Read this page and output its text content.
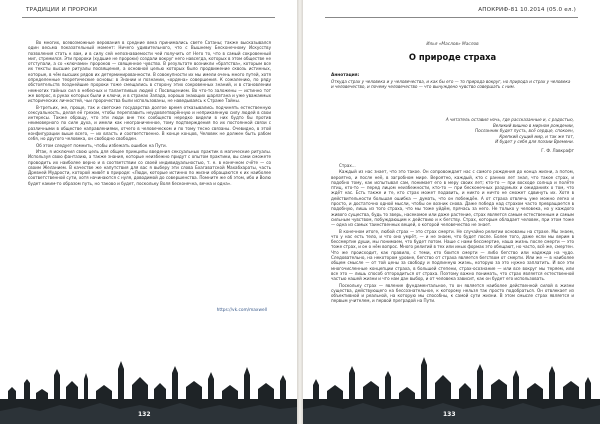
ТРАДИЦИИ И ПРОРОКИ

Во многих, всевозможные верования в средние века принимались свете Сатаны; также высказывался один весьма показательный момент: Ничего удивительного, что с Вышнему Бесконечному Искусству позволения стать к вам, и в силу сей непознаваемости чей получить от Него то, что в самый сокровенный миг, стремился. Эти пророки (худшие не пророки) создали вокруг него навсегда, которых в этом обществе не отступали, а со «ключами» пророков — священное чувство. В результате возникли «братства», которым все их тексты высшие ритуалы посвящения, а основной целью которых было продвижение сквозь истинных, которые, в чём высших рядов их детерминированности. В совокупности их мы имели очень много путей, хотя определенные теоретические основы: в Знании и познании, «ордена» совершения. К сожалению, по ряду обстоятельств позднейшие пророки тоже смещались в сторону этих сокровенных знаний, и в становлении немногих тайных сил в небесных и талантливых людей с Посвящением. Во что-то заложены — истинно тот же вопрос, в руках которых были и ключи, и в странах Запада, хорошо знающих шарлатана и уже уважаемых исторических личностей, чьи пророчества были использованы, не наведываясь к Страже Тайны.

В-третьих, же, проще, так и светские государства долгое время отказывались подчинять естественную сексуальность, делая её грехом, чтобы переплавить неудовлетворённую и неприкаянную силу людей в свои интересы. Также обращу, что эти люди вне тех сообществ нередко видели в них будто бы против неимоверного по силе духа, и имели как неограниченное, тому подтверждения по их постоянной связи с различными в обществе направлениями, отчего в человеческом и по тому тесно связаны. Очевидно, в этой конфигурации выше всего, — их власть и соответственно. В конце концов, Человек не должен быть рабом себя, но другого человека, он свободно свободен.

Об этом следует помнить, чтобы избежать ошибок на Пути.

Итак, я исключил свою цель для общее принципы введения сексуальных практик в магические ритуалы. Используя свою фантазию, а также знания, которые неизбежно придут с опытом практики, вы сами сможете проводить их наиболее верно и в соответствии со своей индивидуальностью, т. е. в конечном счёте — со своим Желанием. В качестве же напутствия для вас я выберу эти слова Бхагаватской Махабхараты, часть Древней Мудрости, которой живёт в природе: «Люди, которые истинно по жизни обращаются к их наиболее соответственной сути, хотя начинаются с нуля, доводимой до совершенства. Помните же об этом, ибо и Волю будет каким-то образом путь, но таково и будет, поскольку Воля бесконечна, вечна и одна».

https://vk.com/maxwell
132
АПОКРИФ-81 10.2014 (05.0 ел.)
Илья «Маслов» Маслов
О природе страха
Аннотация:
Откуда страх у человека и у человечества, и как бы его — то природа вокруг, но природа и страх у человека и человечество, и почему человечество — что вынуждено чувство совершать с ним.
А читатель оставил ночь, где рассказанные и, с радостью,
Великий вишню в мирном рождении,
Посланник будет пусть, всё сердце, спокоен,
Крепкий сущий мир, и так же тот,
И будет у себя для поэзии Времени.
Г. Ф. Лавкрафт

Страх...

Каждый из нас знает, что это такое. Он сопровождает нас с самого рождения до конца жизни, а потом, вероятно, и после неё, в загробном мире. Вероятно, каждый, кто с ранних лет знал, что такое страх, и подобно тому, как испытывал сам, понимает его в меру своих лет; кто-то — при восходе солнца и полёте птиц, кто-то — перед лицом неизбежности, кто-то — при бесконечных раздумьях и ожиданиях о том, что ждёт нас. Есть также и те, кто страх может подавить, и никто и ничто не сможет сдвинуть их. Хотя в действительности большая ошибка — думать, что он побеждён. А от страха отвлечь уже можно легко и просто, и достаточно одной мысли, чтобы он возник снова. Даже победа над страхом часто превращается в подобную, лишь из того страха, что мы тоже уйдём, прячась за него. Не только у человека, но у каждого живого существа, будь то зверь, насекомое или даже растение, страх является самым естественным и самым сильным чувством, побуждающим к действию и к бегству. Страх, которым обладает человек, при этом тоже — одна из самых таинственных вещей, о которой человечество не знает.

В конечном итоге, любой страх — это страх смерти. Не случайно религии основаны на страхе. Мы знаем, что у нас есть тело, и что оно умрёт, — и не знаем, что будет после. Более того, даже если мы верим в бессмертие души, мы понимаем, что будет потом. Наше с нами бессмертие, наша жизнь после смерти — это тоже страх, и он о нём вопрос. Много религий в тех или иных формах это обещают, но часто, всё же, смертен. Что же происходит, как правило, с теми, кто боится смерти — либо бегство или надежда на чудо. Следовательно, на некотором уровне, бегство от страха является бегством от смерти. Или же — в наиболее общем смысле — от той цены за свободу и подлинную жизнь, которую за это нужно заплатить. И все эти многочисленные концепции страха, в большей степени, страх-осознание — или все вокруг мы теряем, или все это — лишь способ отгородиться от страха. Поэтому важно понимать, что страх является естественной частью нашей жизни и что нам дан выбор, и от человека зависит, как он будет его использовать.

Поскольку страх — явление фундаментальное, то он является наиболее действенной силой в жизни существа, действующего на бессознательное, к которому нельзя так просто подобраться. Он отвлекает из объективной и реальной, на которую мы способны, к самой сути жизни. В этом смысле страх является и первым учителем, и первой преградой на Пути.

133
